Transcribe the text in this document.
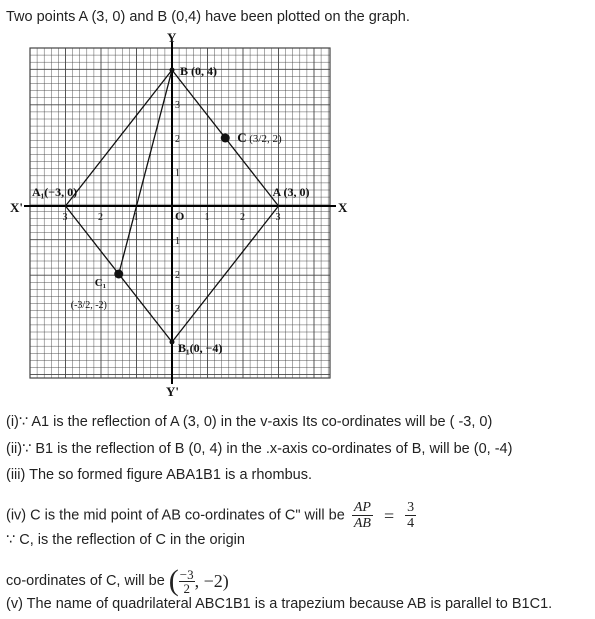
Two points A (3, 0) and B (0,4) have been plotted on the graph.
Y
Y'
X'	X
O
B (0, 4)
A (3, 0)
A₁(−3, 0)
B₁(0, −4)
C (3/2, 2)
C₁
(-3/2, -2)
3	2	1	1	2	3
3
2
1
1
2
3
(i)∵ A1 is the reflection of A (3, 0) in the v-axis Its co-ordinates will be ( -3, 0)
(ii)∵ B1 is the reflection of B (0, 4) in the .x-axis co-ordinates of B, will be (0, -4)
(iii) The so formed figure ABA1B1 is a rhombus.
(iv) C is the mid point of AB co-ordinates of C" will be $\frac{AP}{AB} = \frac{3}{4}$
∵ C, is the reflection of C in the origin
co-ordinates of C, will be ( $\frac{-3}{2}$ , −2)
(v) The name of quadrilateral ABC1B1 is a trapezium because AB is parallel to B1C1.
